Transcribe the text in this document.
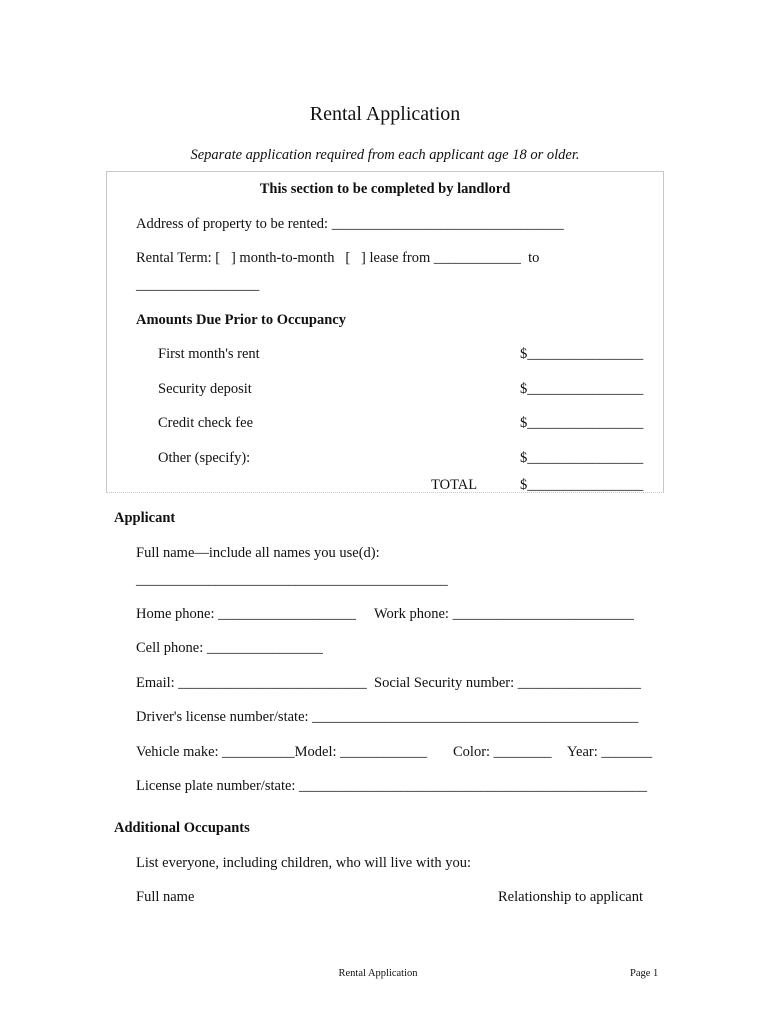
Rental Application
Separate application required from each applicant age 18 or older.
This section to be completed by landlord
Address of property to be rented: ________________________________
Rental Term: [   ] month-to-month   [   ] lease from ____________  to
_________________
Amounts Due Prior to Occupancy
First month's rent	$________________
Security deposit	$________________
Credit check fee	$________________
Other (specify):	$________________
TOTAL	$________________
Applicant
Full name—include all names you use(d):
___________________________________________
Home phone: ___________________ Work phone: _________________________
Cell phone: ________________
Email: __________________________ Social Security number: _________________
Driver's license number/state: _____________________________________________
Vehicle make: __________Model: ____________ Color: ________ Year: _______
License plate number/state: ________________________________________________
Additional Occupants
List everyone, including children, who will live with you:
Full name	Relationship to applicant
Rental Application	Page 1
